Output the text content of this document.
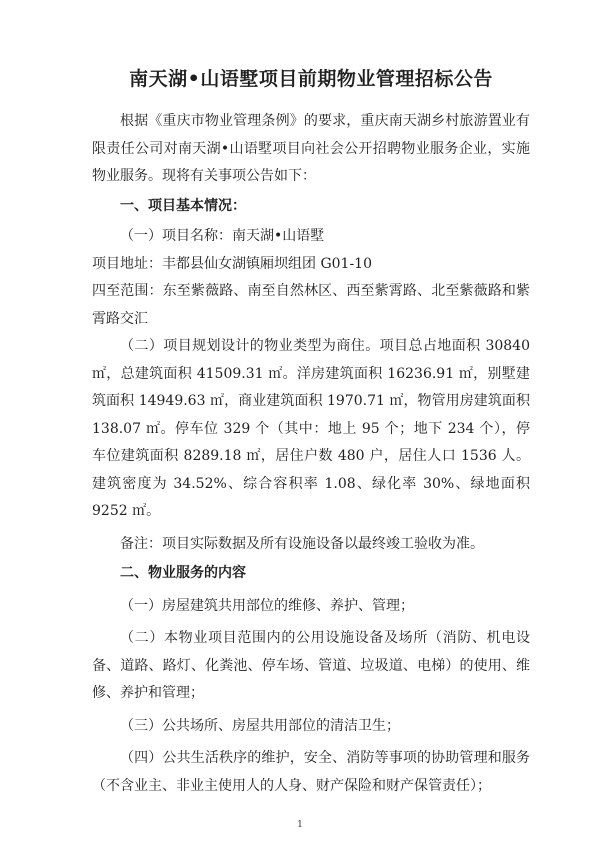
南天湖•山语墅项目前期物业管理招标公告

根据《重庆市物业管理条例》的要求，重庆南天湖乡村旅游置业有限责任公司对南天湖•山语墅项目向社会公开招聘物业服务企业，实施物业服务。现将有关事项公告如下：

一、项目基本情况：

（一）项目名称：南天湖•山语墅

项目地址：丰都县仙女湖镇厢坝组团 G01-10

四至范围：东至紫薇路、南至自然林区、西至紫霄路、北至紫薇路和紫霄路交汇

（二）项目规划设计的物业类型为商住。项目总占地面积 30840 ㎡，总建筑面积 41509.31 ㎡。洋房建筑面积 16236.91 ㎡，别墅建筑面积 14949.63 ㎡，商业建筑面积 1970.71 ㎡，物管用房建筑面积 138.07 ㎡。停车位 329 个（其中：地上 95 个；地下 234 个），停车位建筑面积 8289.18 ㎡，居住户数 480 户，居住人口 1536 人。建筑密度为 34.52%、综合容积率 1.08、绿化率 30%、绿地面积 9252 ㎡。

备注：项目实际数据及所有设施设备以最终竣工验收为准。

二、物业服务的内容

（一）房屋建筑共用部位的维修、养护、管理；

（二）本物业项目范围内的公用设施设备及场所（消防、机电设备、道路、路灯、化粪池、停车场、管道、垃圾道、电梯）的使用、维修、养护和管理；

（三）公共场所、房屋共用部位的清洁卫生；

（四）公共生活秩序的维护，安全、消防等事项的协助管理和服务（不含业主、非业主使用人的人身、财产保险和财产保管责任）；

1
